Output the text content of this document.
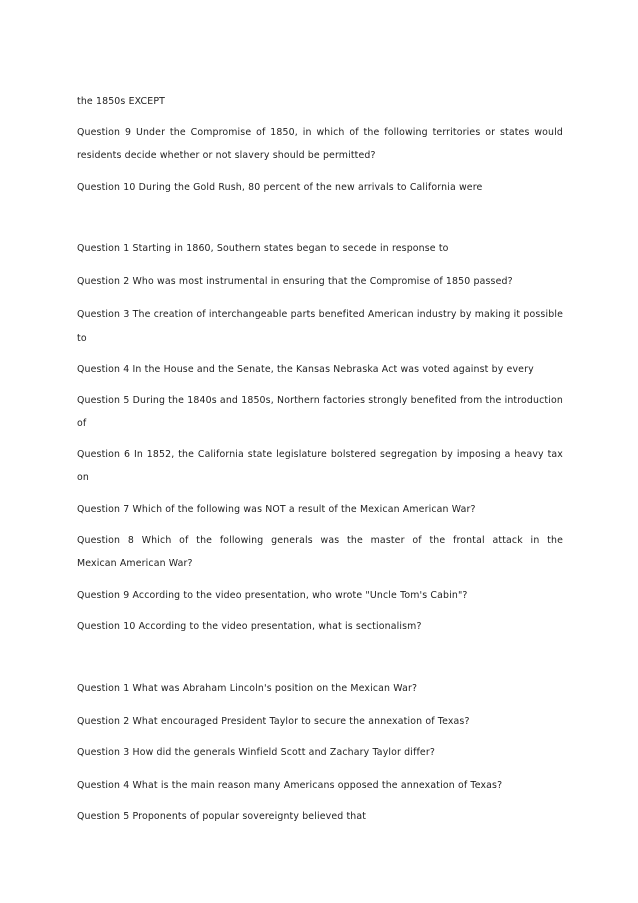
the 1850s EXCEPT
Question 9 Under the Compromise of 1850, in which of the following territories or states would
residents decide whether or not slavery should be permitted?
Question 10 During the Gold Rush, 80 percent of the new arrivals to California were
Question 1 Starting in 1860, Southern states began to secede in response to
Question 2 Who was most instrumental in ensuring that the Compromise of 1850 passed?
Question 3 The creation of interchangeable parts benefited American industry by making it possible
to
Question 4 In the House and the Senate, the Kansas Nebraska Act was voted against by every
Question 5 During the 1840s and 1850s, Northern factories strongly benefited from the introduction
of
Question 6 In 1852, the California state legislature bolstered segregation by imposing a heavy tax
on
Question 7 Which of the following was NOT a result of the Mexican American War?
Question 8 Which of the following generals was the master of the frontal attack in the
Mexican American War?
Question 9 According to the video presentation, who wrote "Uncle Tom's Cabin"?
Question 10 According to the video presentation, what is sectionalism?
Question 1 What was Abraham Lincoln's position on the Mexican War?
Question 2 What encouraged President Taylor to secure the annexation of Texas?
Question 3 How did the generals Winfield Scott and Zachary Taylor differ?
Question 4 What is the main reason many Americans opposed the annexation of Texas?
Question 5 Proponents of popular sovereignty believed that
